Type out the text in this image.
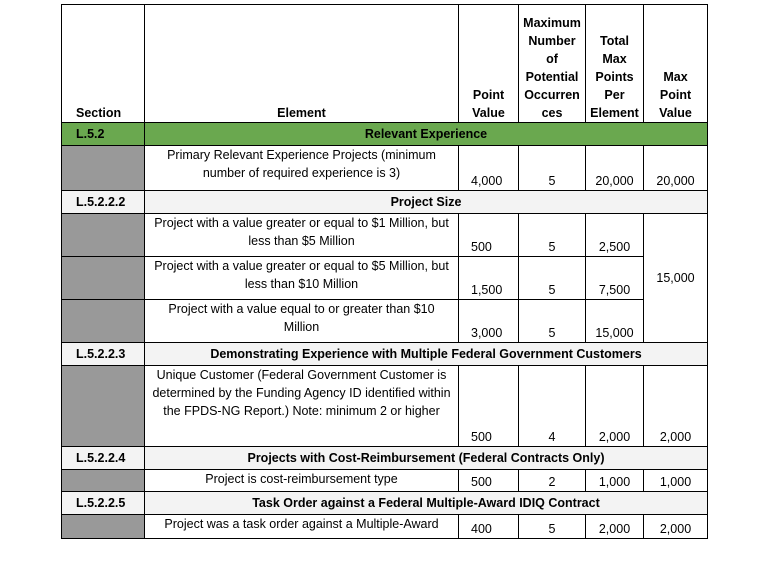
Section	Element	Point Value	Maximum Number of Potential Occurren ces	Total Max Points Per Element	Max Point Value
L.5.2	Relevant Experience				
	Primary Relevant Experience Projects (minimum number of required experience is 3)	4,000	5	20,000	20,000
L.5.2.2.2	Project Size				
	Project with a value greater or equal to $1 Million, but less than $5 Million	500	5	2,500	15,000
	Project with a value greater or equal to $5 Million, but less than $10 Million	1,500	5	7,500	
	Project with a value equal to or greater than $10 Million	3,000	5	15,000	
L.5.2.2.3	Demonstrating Experience with Multiple Federal Government Customers				
	Unique Customer (Federal Government Customer is determined by the Funding Agency ID identified within the FPDS-NG Report.) Note: minimum 2 or higher	500	4	2,000	2,000
L.5.2.2.4	Projects with Cost-Reimbursement (Federal Contracts Only)				
	Project is cost-reimbursement type	500	2	1,000	1,000
L.5.2.2.5	Task Order against a Federal Multiple-Award IDIQ Contract				
	Project was a task order against a Multiple-Award	400	5	2,000	2,000
